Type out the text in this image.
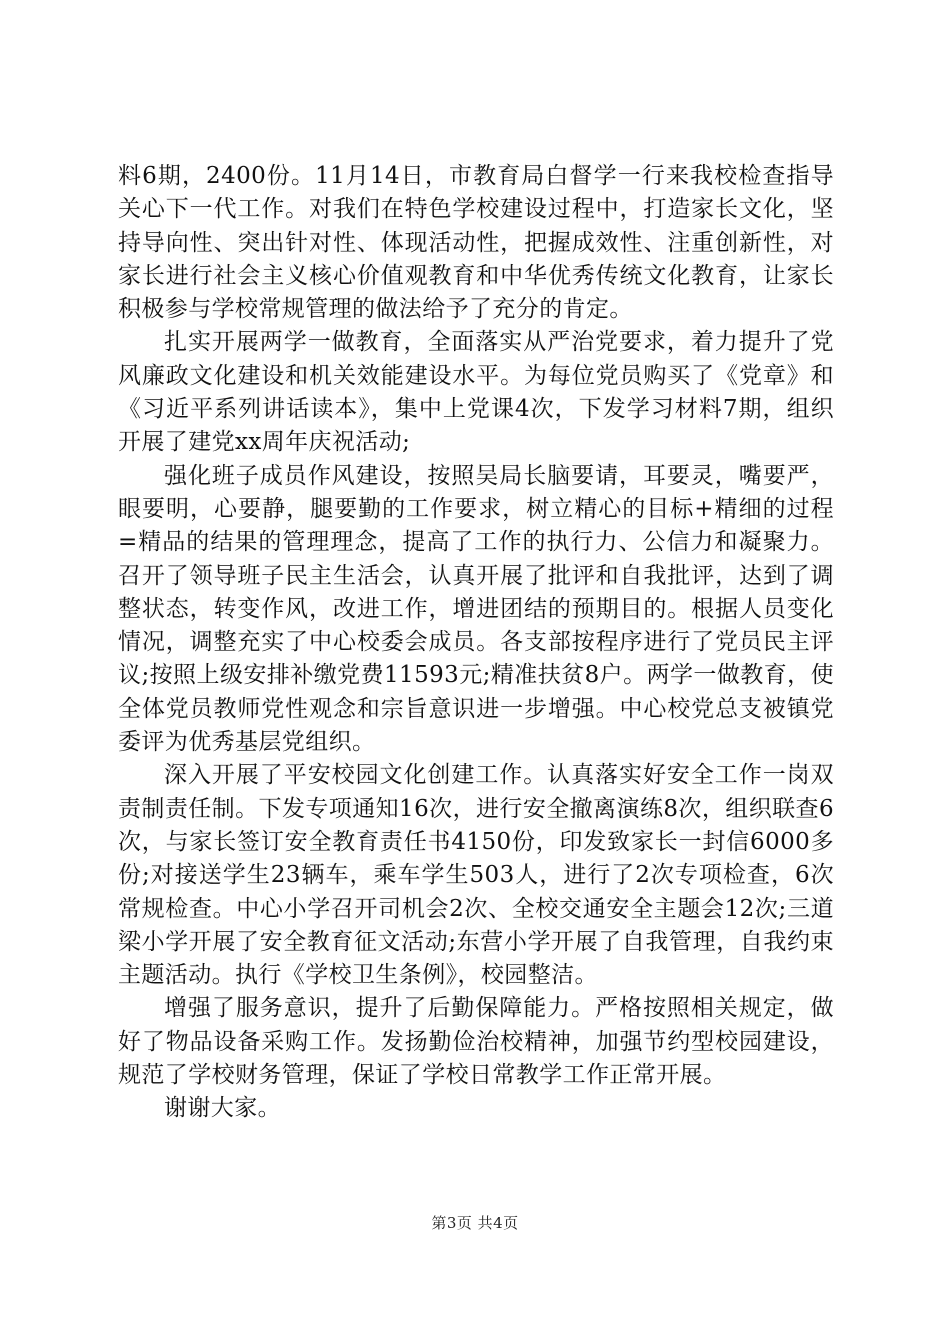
料6期，2400份。11月14日，市教育局白督学一行来我校检查指导关心下一代工作。对我们在特色学校建设过程中，打造家长文化，坚持导向性、突出针对性、体现活动性，把握成效性、注重创新性，对家长进行社会主义核心价值观教育和中华优秀传统文化教育，让家长积极参与学校常规管理的做法给予了充分的肯定。

扎实开展两学一做教育，全面落实从严治党要求，着力提升了党风廉政文化建设和机关效能建设水平。为每位党员购买了《党章》和《习近平系列讲话读本》，集中上党课4次，下发学习材料7期，组织开展了建党xx周年庆祝活动;

强化班子成员作风建设，按照吴局长脑要请，耳要灵，嘴要严，眼要明，心要静，腿要勤的工作要求，树立精心的目标+精细的过程=精品的结果的管理理念，提高了工作的执行力、公信力和凝聚力。召开了领导班子民主生活会，认真开展了批评和自我批评，达到了调整状态，转变作风，改进工作，增进团结的预期目的。根据人员变化情况，调整充实了中心校委会成员。各支部按程序进行了党员民主评议;按照上级安排补缴党费11593元;精准扶贫8户。两学一做教育，使全体党员教师党性观念和宗旨意识进一步增强。中心校党总支被镇党委评为优秀基层党组织。

深入开展了平安校园文化创建工作。认真落实好安全工作一岗双责制责任制。下发专项通知16次，进行安全撤离演练8次，组织联查6次，与家长签订安全教育责任书4150份，印发致家长一封信6000多份;对接送学生23辆车，乘车学生503人，进行了2次专项检查，6次常规检查。中心小学召开司机会2次、全校交通安全主题会12次;三道梁小学开展了安全教育征文活动;东营小学开展了自我管理，自我约束主题活动。执行《学校卫生条例》，校园整洁。

增强了服务意识，提升了后勤保障能力。严格按照相关规定，做好了物品设备采购工作。发扬勤俭治校精神，加强节约型校园建设，规范了学校财务管理，保证了学校日常教学工作正常开展。

谢谢大家。

第3页 共4页
